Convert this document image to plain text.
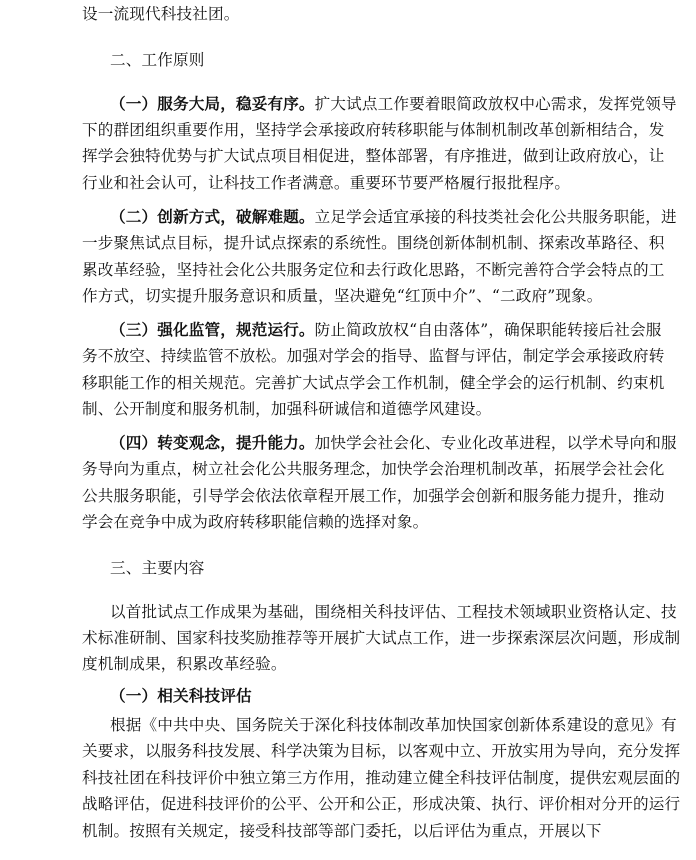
设一流现代科技社团。
二、工作原则
（一）服务大局，稳妥有序。扩大试点工作要着眼简政放权中心需求，发挥党领导
下的群团组织重要作用，坚持学会承接政府转移职能与体制机制改革创新相结合，发
挥学会独特优势与扩大试点项目相促进，整体部署，有序推进，做到让政府放心，让
行业和社会认可，让科技工作者满意。重要环节要严格履行报批程序。
（二）创新方式，破解难题。立足学会适宜承接的科技类社会化公共服务职能，进
一步聚焦试点目标，提升试点探索的系统性。围绕创新体制机制、探索改革路径、积
累改革经验，坚持社会化公共服务定位和去行政化思路，不断完善符合学会特点的工
作方式，切实提升服务意识和质量，坚决避免“红顶中介”、“二政府”现象。
（三）强化监管，规范运行。防止简政放权“自由落体”，确保职能转接后社会服
务不放空、持续监管不放松。加强对学会的指导、监督与评估，制定学会承接政府转
移职能工作的相关规范。完善扩大试点学会工作机制，健全学会的运行机制、约束机
制、公开制度和服务机制，加强科研诚信和道德学风建设。
（四）转变观念，提升能力。加快学会社会化、专业化改革进程，以学术导向和服
务导向为重点，树立社会化公共服务理念，加快学会治理机制改革，拓展学会社会化
公共服务职能，引导学会依法依章程开展工作，加强学会创新和服务能力提升，推动
学会在竞争中成为政府转移职能信赖的选择对象。
三、主要内容
以首批试点工作成果为基础，围绕相关科技评估、工程技术领域职业资格认定、技
术标准研制、国家科技奖励推荐等开展扩大试点工作，进一步探索深层次问题，形成制
度机制成果，积累改革经验。
（一）相关科技评估
根据《中共中央、国务院关于深化科技体制改革加快国家创新体系建设的意见》有
关要求，以服务科技发展、科学决策为目标，以客观中立、开放实用为导向，充分发挥
科技社团在科技评价中独立第三方作用，推动建立健全科技评估制度，提供宏观层面的
战略评估，促进科技评价的公平、公开和公正，形成决策、执行、评价相对分开的运行
机制。按照有关规定，接受科技部等部门委托，以后评估为重点，开展以下
